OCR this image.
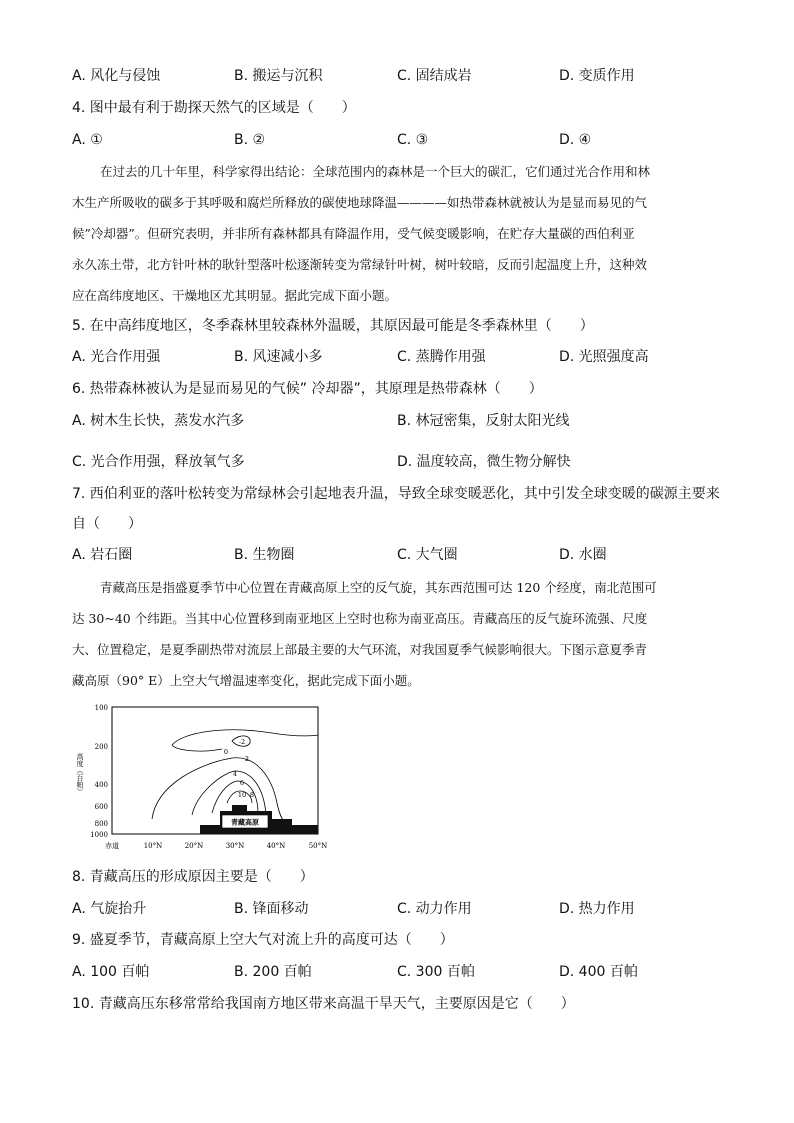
A. 风化与侵蚀	B. 搬运与沉积	C. 固结成岩	D. 变质作用
4. 图中最有利于勘探天然气的区域是（　　）
A. ①	B. ②	C. ③	D. ④
在过去的几十年里，科学家得出结论：全球范围内的森林是一个巨大的碳汇，它们通过光合作用和林
木生产所吸收的碳多于其呼吸和腐烂所释放的碳使地球降温————如热带森林就被认为是显而易见的气
候”冷却器”。但研究表明，并非所有森林都具有降温作用，受气候变暖影响，在贮存大量碳的西伯利亚
永久冻土带，北方针叶林的耿针型落叶松逐渐转变为常绿针叶树，树叶较暗，反而引起温度上升，这种效
应在高纬度地区、干燥地区尤其明显。据此完成下面小题。
5. 在中高纬度地区，冬季森林里较森林外温暖，其原因最可能是冬季森林里（　　）
A. 光合作用强	B. 风速减小多	C. 蒸腾作用强	D. 光照强度高
6. 热带森林被认为是显而易见的气候” 冷却器”，其原理是热带森林（　　）
A. 树木生长快，蒸发水汽多	B. 林冠密集，反射太阳光线
C. 光合作用强，释放氧气多	D. 温度较高，微生物分解快
7. 西伯利亚的落叶松转变为常绿林会引起地表升温，导致全球变暖恶化，其中引发全球变暖的碳源主要来
自（　　）
A. 岩石圈	B. 生物圈	C. 大气圈	D. 水圈
青藏高压是指盛夏季节中心位置在青藏高原上空的反气旋，其东西范围可达 120 个经度，南北范围可
达 30~40 个纬距。当其中心位置移到南亚地区上空时也称为南亚高压。青藏高压的反气旋环流强、尺度
大、位置稳定，是夏季副热带对流层上部最主要的大气环流，对我国夏季气候影响很大。下图示意夏季青
藏高原（90° E）上空大气增温速率变化，据此完成下面小题。
100
200
400
600
800
1000
高度（百帕）
赤道	10°N	20°N	30°N	40°N	50°N
-2
0
2
4
6
8
10
青藏高原
8. 青藏高压的形成原因主要是（　　）
A. 气旋抬升	B. 锋面移动	C. 动力作用	D. 热力作用
9. 盛夏季节，青藏高原上空大气对流上升的高度可达（　　）
A. 100 百帕	B. 200 百帕	C. 300 百帕	D. 400 百帕
10. 青藏高压东移常常给我国南方地区带来高温干旱天气，主要原因是它（　　）
